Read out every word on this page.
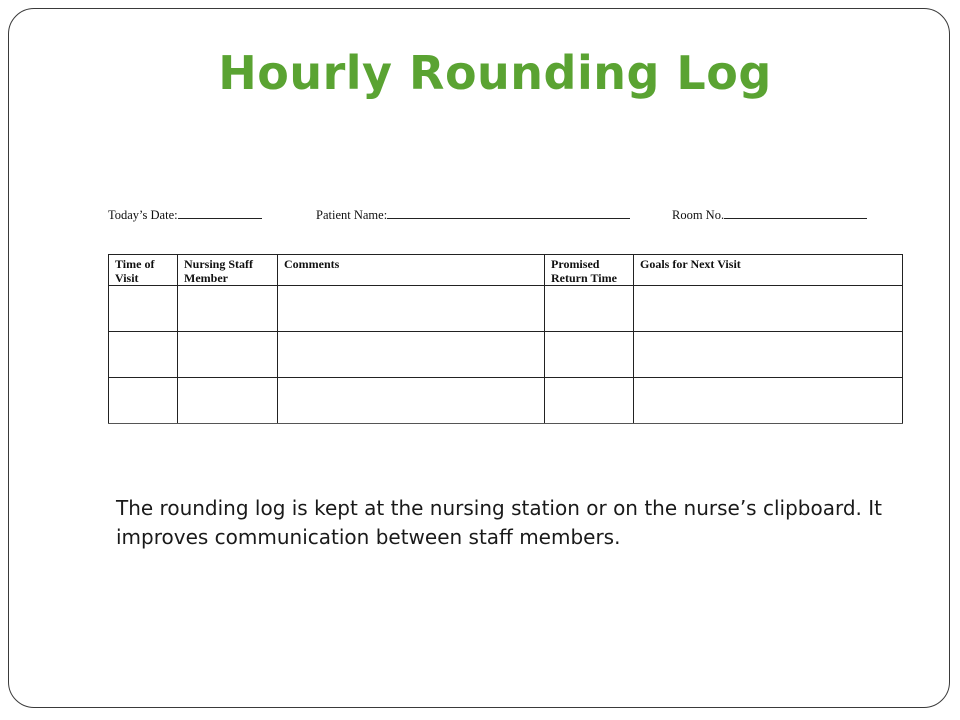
Hourly Rounding Log
Today’s Date:	Patient Name:	Room No.
Time of Visit	Nursing Staff Member	Comments	Promised Return Time	Goals for Next Visit

The rounding log is kept at the nursing station or on the nurse’s clipboard. It improves communication between staff members.
